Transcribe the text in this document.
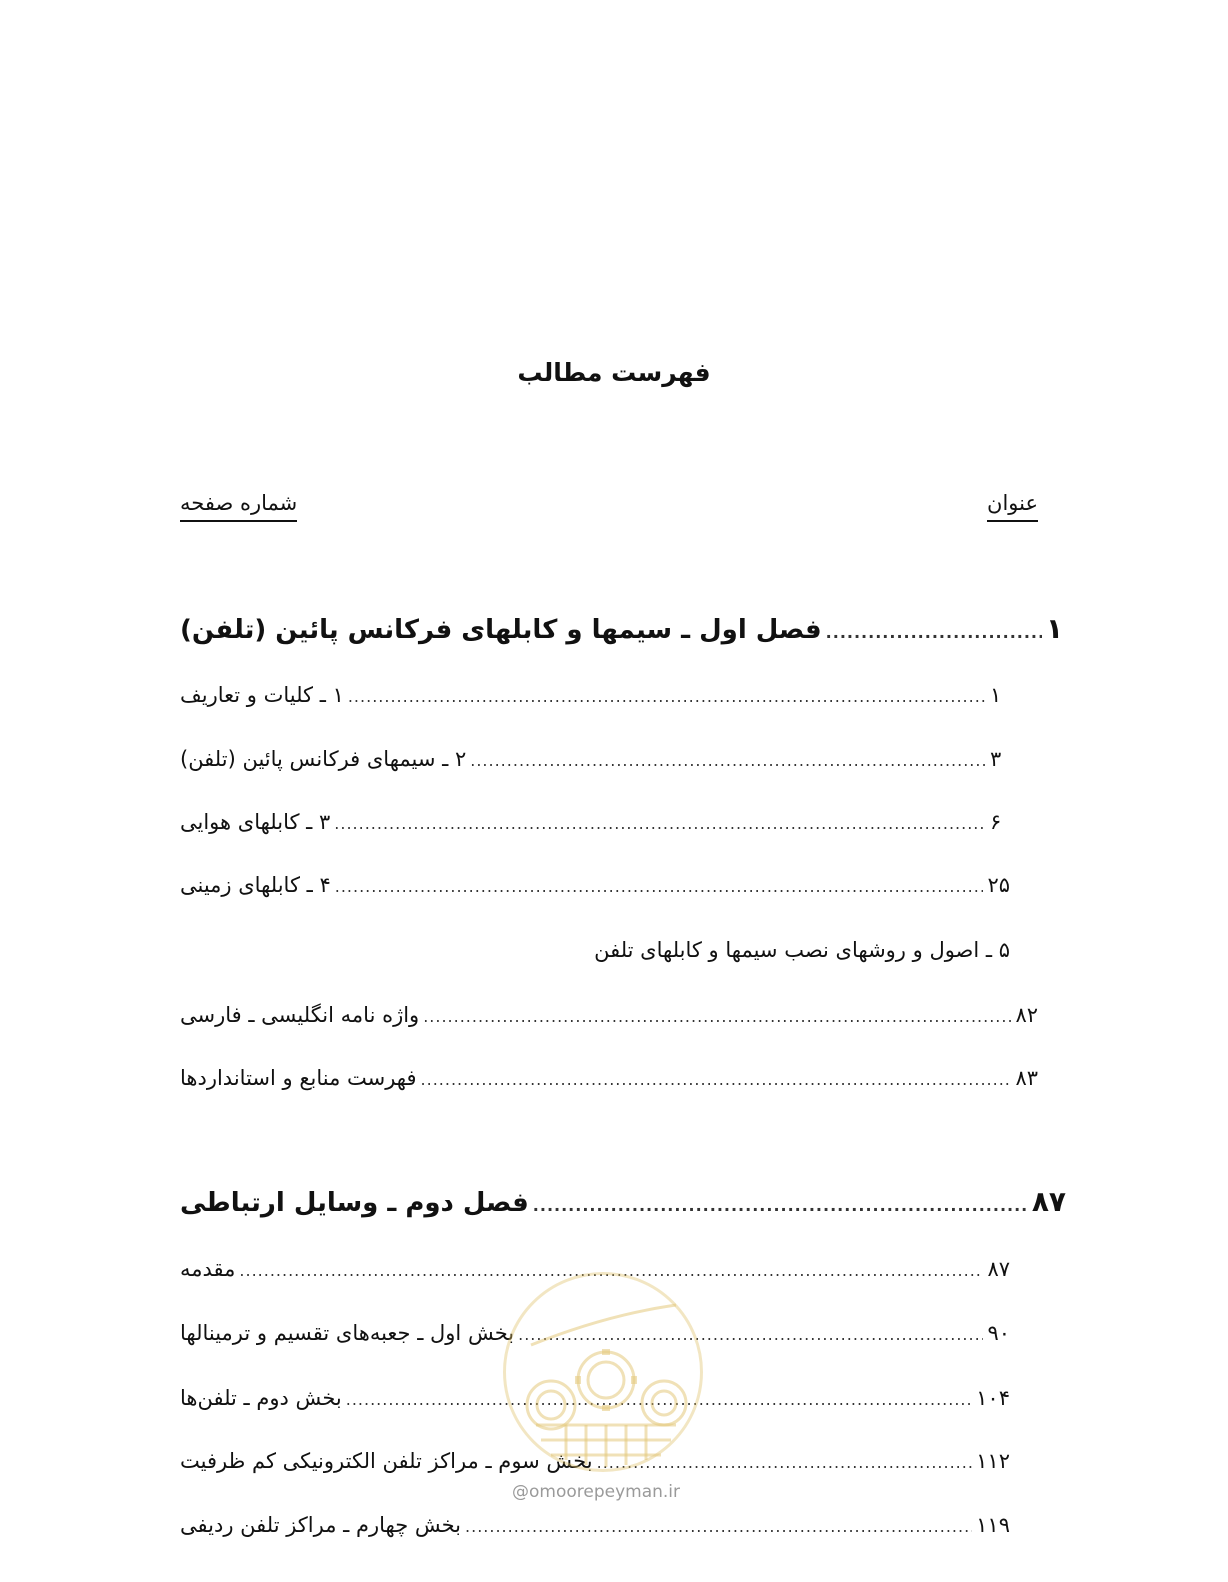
فهرست مطالب
عنوان
شماره صفحه
فصل اول ـ سیمها و کابلهای فرکانس پائین (تلفن) .....	۱
۱ ـ کلیات و تعاریف .....	۱
۲ ـ سیمهای فرکانس پائین (تلفن) .....	۳
۳ ـ کابلهای هوایی .....	۶
۴ ـ کابلهای زمینی .....	۲۵
۵ ـ اصول و روشهای نصب سیمها و کابلهای تلفن
واژه نامه انگلیسی ـ فارسی .....	۸۲
فهرست منابع و استانداردها .....	۸۳
فصل دوم ـ وسایل ارتباطی .....	۸۷
مقدمه .....	۸۷
بخش اول ـ جعبه‌های تقسیم و ترمینالها .....	۹۰
بخش دوم ـ تلفن‌ها .....	۱۰۴
بخش سوم ـ مراکز تلفن الکترونیکی کم ظرفیت .....	۱۱۲
بخش چهارم ـ مراکز تلفن ردیفی .....	۱۱۹
@omoorepeyman.ir
